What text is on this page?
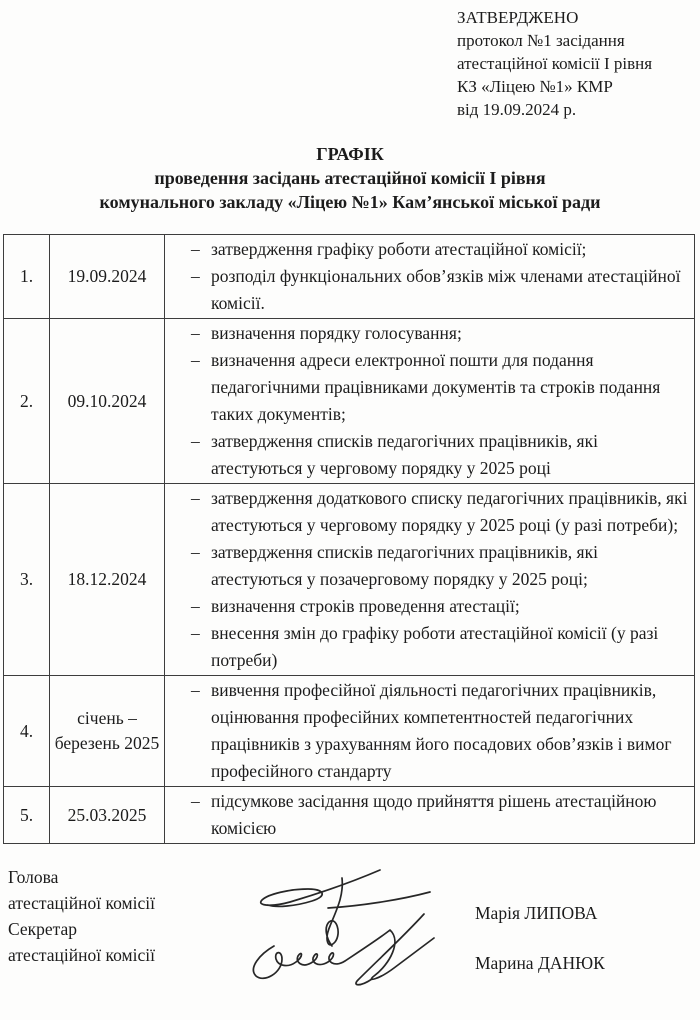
ЗАТВЕРДЖЕНО
протокол №1 засідання
атестаційної комісії І рівня
КЗ «Ліцею №1» КМР
від 19.09.2024 р.
ГРАФІК
проведення засідань атестаційної комісії І рівня
комунального закладу «Ліцею №1» Кам’янської міської ради
1.	19.09.2024	– затвердження графіку роботи атестаційної комісії;
– розподіл функціональних обов’язків між членами атестаційної комісії.

2.	09.10.2024	
– визначення порядку голосування;
– визначення адреси електронної пошти для подання педагогічними працівниками документів та строків подання таких документів;
– затвердження списків педагогічних працівників, які атестуються у черговому порядку у 2025 році

3.	18.12.2024	
– затвердження додаткового списку педагогічних працівників, які атестуються у черговому порядку у 2025 році (у разі потреби);
– затвердження списків педагогічних працівників, які атестуються у позачерговому порядку у 2025 році;
– визначення строків проведення атестації;
– внесення змін до графіку роботи атестаційної комісії (у разі потреби)

4.	січень – березень 2025	– вивчення професійної діяльності педагогічних працівників, оцінювання професійних компетентностей педагогічних працівників з урахуванням його посадових обов’язків і вимог професійного стандарту

5.	25.03.2025	– підсумкове засідання щодо прийняття рішень атестаційною комісією
Голова
атестаційної комісії
Секретар
атестаційної комісії
Марія ЛИПОВА
Марина ДАНЮК
